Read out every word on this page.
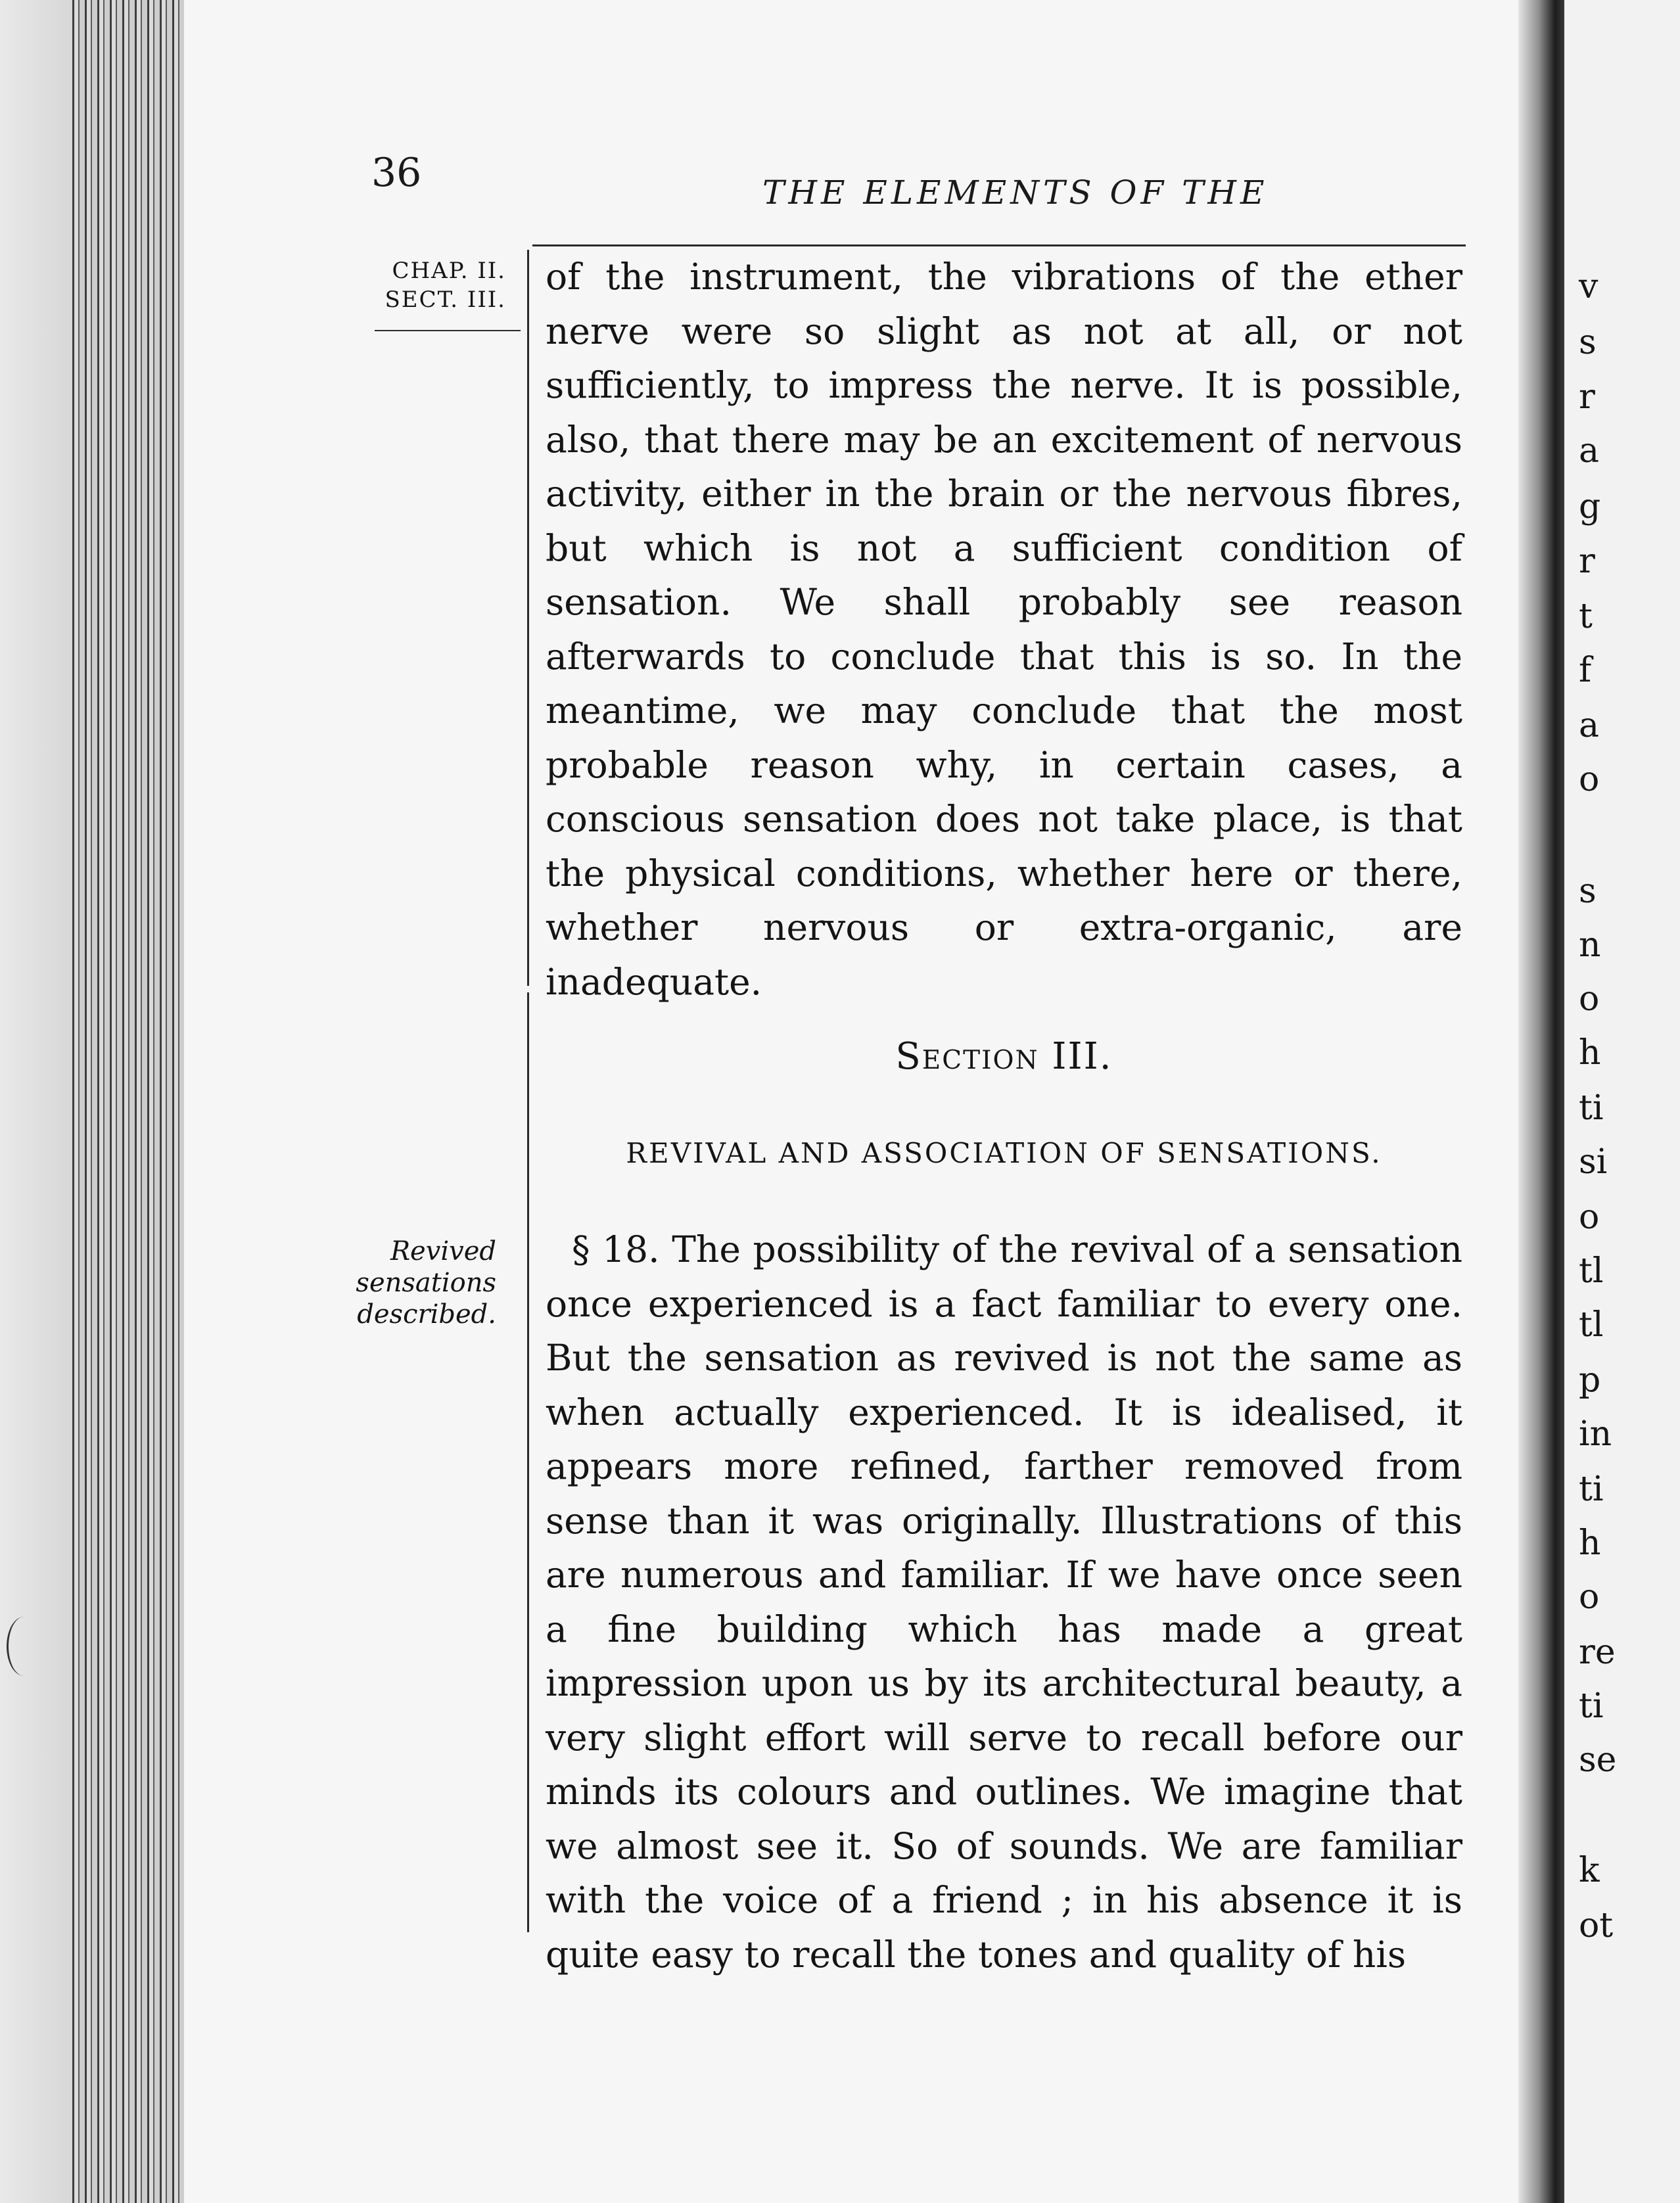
36	THE ELEMENTS OF THE
CHAP. II.
SECT. III.

of the instrument, the vibrations of the ether nerve were so slight as not at all, or not sufficiently, to impress the nerve. It is possible, also, that there may be an excitement of nervous activity, either in the brain or the nervous fibres, but which is not a sufficient condition of sensation. We shall probably see reason afterwards to conclude that this is so. In the meantime, we may conclude that the most probable reason why, in certain cases, a conscious sensation does not take place, is that the physical conditions, whether here or there, whether nervous or extra-organic, are inadequate.

Section III.
REVIVAL AND ASSOCIATION OF SENSATIONS.
Revived
sensations
described.

§ 18. The possibility of the revival of a sensation once experienced is a fact familiar to every one. But the sensation as revived is not the same as when actually experienced. It is idealised, it appears more refined, farther removed from sense than it was originally. Illustrations of this are numerous and familiar. If we have once seen a fine building which has made a great impression upon us by its architectural beauty, a very slight effort will serve to recall before our minds its colours and outlines. We imagine that we almost see it. So of sounds. We are familiar with the voice of a friend ; in his absence it is quite easy to recall the tones and quality of his

v
s
r
a
g
r
t
f
a
o
s
n
o
h
ti
si
o
tl
tl
p
in
ti
h
o
re
ti
se
k
ot
